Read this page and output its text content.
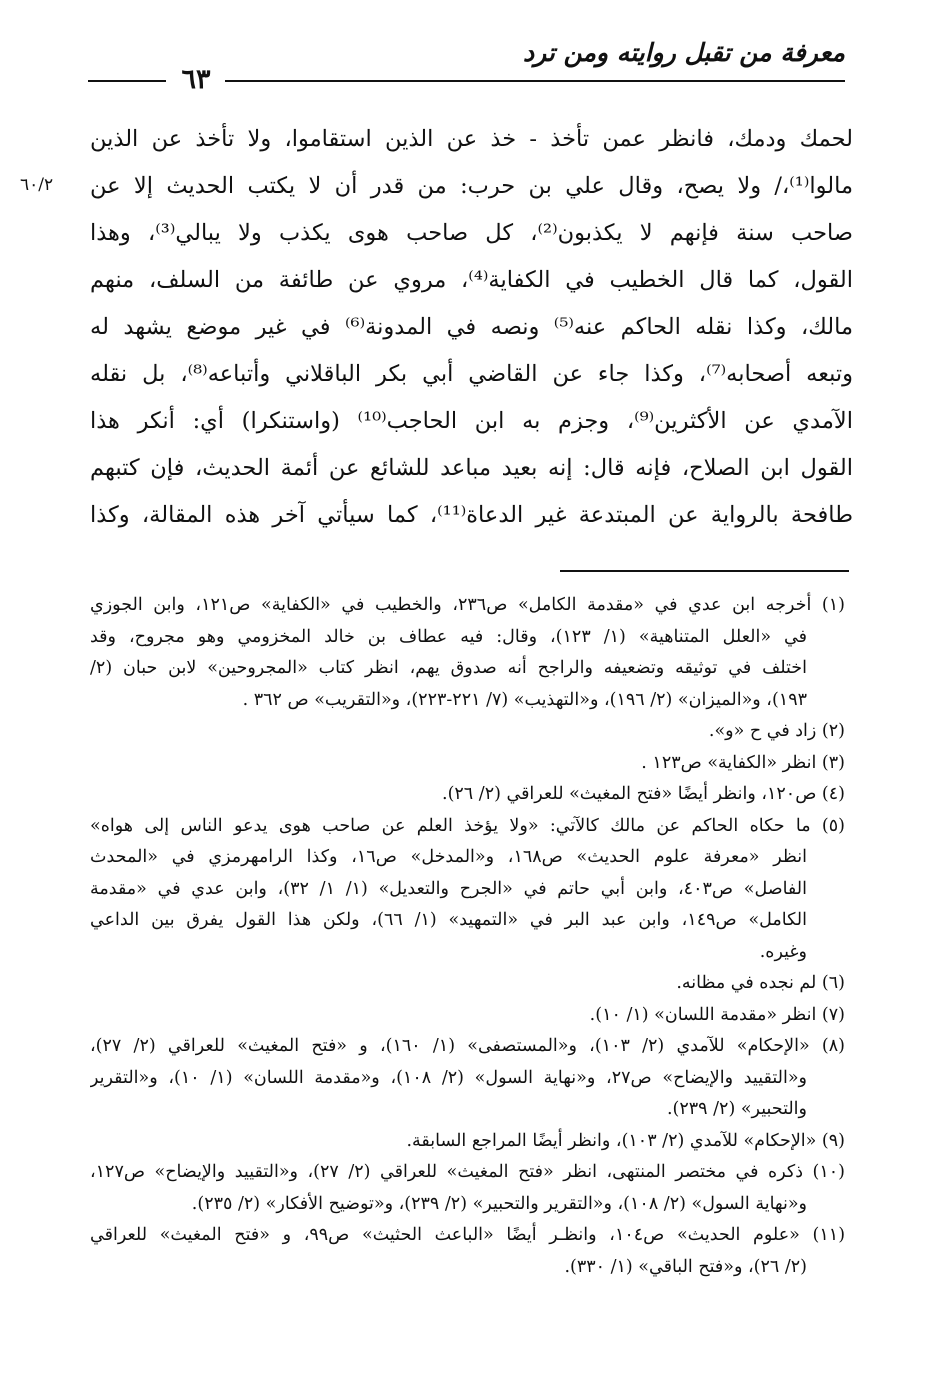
معرفة من تقبل روايته ومن ترد
٦٣
٦٠/٢
لحمك ودمك، فانظر عمن تأخذ - خذ عن الذين استقاموا، ولا تأخذ عن الذين
مالوا⁽¹⁾،/ ولا يصح، وقال علي بن حرب: من قدر أن لا يكتب الحديث إلا عن
صاحب سنة فإنهم لا يكذبون⁽²⁾، كل صاحب هوى يكذب ولا يبالي⁽³⁾، وهذا
القول، كما قال الخطيب في الكفاية⁽⁴⁾، مروي عن طائفة من السلف، منهم
مالك، وكذا نقله الحاكم عنه⁽⁵⁾ ونصه في المدونة⁽⁶⁾ في غير موضع يشهد له
وتبعه أصحابه⁽⁷⁾، وكذا جاء عن القاضي أبي بكر الباقلاني وأتباعه⁽⁸⁾، بل نقله
الآمدي عن الأكثرين⁽⁹⁾، وجزم به ابن الحاجب⁽¹⁰⁾ (واستنكرا) أي: أنكر هذا
القول ابن الصلاح، فإنه قال: إنه بعيد مباعد للشائع عن أئمة الحديث، فإن كتبهم
طافحة بالرواية عن المبتدعة غير الدعاة⁽¹¹⁾، كما سيأتي آخر هذه المقالة، وكذا
(١) أخرجه ابن عدي في «مقدمة الكامل» ص٢٣٦، والخطيب في «الكفاية» ص١٢١، وابن الجوزي
في «العلل المتناهية» (١/ ١٢٣)، وقال: فيه عطاف بن خالد المخزومي وهو مجروح، وقد
اختلف في توثيقه وتضعيفه والراجح أنه صدوق يهم، انظر كتاب «المجروحين» لابن حبان (٢/
١٩٣)، و«الميزان» (٢/ ١٩٦)، و«التهذيب» (٧/ ٢٢١-٢٢٣)، و«التقريب» ص ٣٦٢ .
(٢) زاد في ح «و».
(٣) انظر «الكفاية» ص١٢٣ .
(٤) ص١٢٠، وانظر أيضًا «فتح المغيث» للعراقي (٢/ ٢٦).
(٥) ما حكاه الحاكم عن مالك كالآتي: «ولا يؤخذ العلم عن صاحب هوى يدعو الناس إلى هواه»
انظر «معرفة علوم الحديث» ص١٦٨، و«المدخل» ص١٦، وكذا الرامهرمزي في «المحدث
الفاصل» ص٤٠٣، وابن أبي حاتم في «الجرح والتعديل» (١/ ١/ ٣٢)، وابن عدي في «مقدمة
الكامل» ص١٤٩، وابن عبد البر في «التمهيد» (١/ ٦٦)، ولكن هذا القول يفرق بين الداعي
وغيره.
(٦) لم نجده في مظانه.
(٧) انظر «مقدمة اللسان» (١/ ١٠).
(٨) «الإحكام» للآمدي (٢/ ١٠٣)، و«المستصفى» (١/ ١٦٠)، و «فتح المغيث» للعراقي (٢/ ٢٧)،
و«التقييد والإيضاح» ص٢٧، و«نهاية السول» (٢/ ١٠٨)، و«مقدمة اللسان» (١/ ١٠)، و«التقرير
والتحبير» (٢/ ٢٣٩).
(٩) «الإحكام» للآمدي (٢/ ١٠٣)، وانظر أيضًا المراجع السابقة.
(١٠) ذكره في مختصر المنتهى، انظر «فتح المغيث» للعراقي (٢/ ٢٧)، و«التقييد والإيضاح» ص١٢٧،
و«نهاية السول» (٢/ ١٠٨)، و«التقرير والتحبير» (٢/ ٢٣٩)، و«توضيح الأفكار» (٢/ ٢٣٥).
(١١) «علوم الحديث» ص١٠٤، وانظـر أيضًا «الباعث الحثيث» ص٩٩، و «فتح المغيث» للعراقي
(٢/ ٢٦)، و«فتح الباقي» (١/ ٣٣٠).
